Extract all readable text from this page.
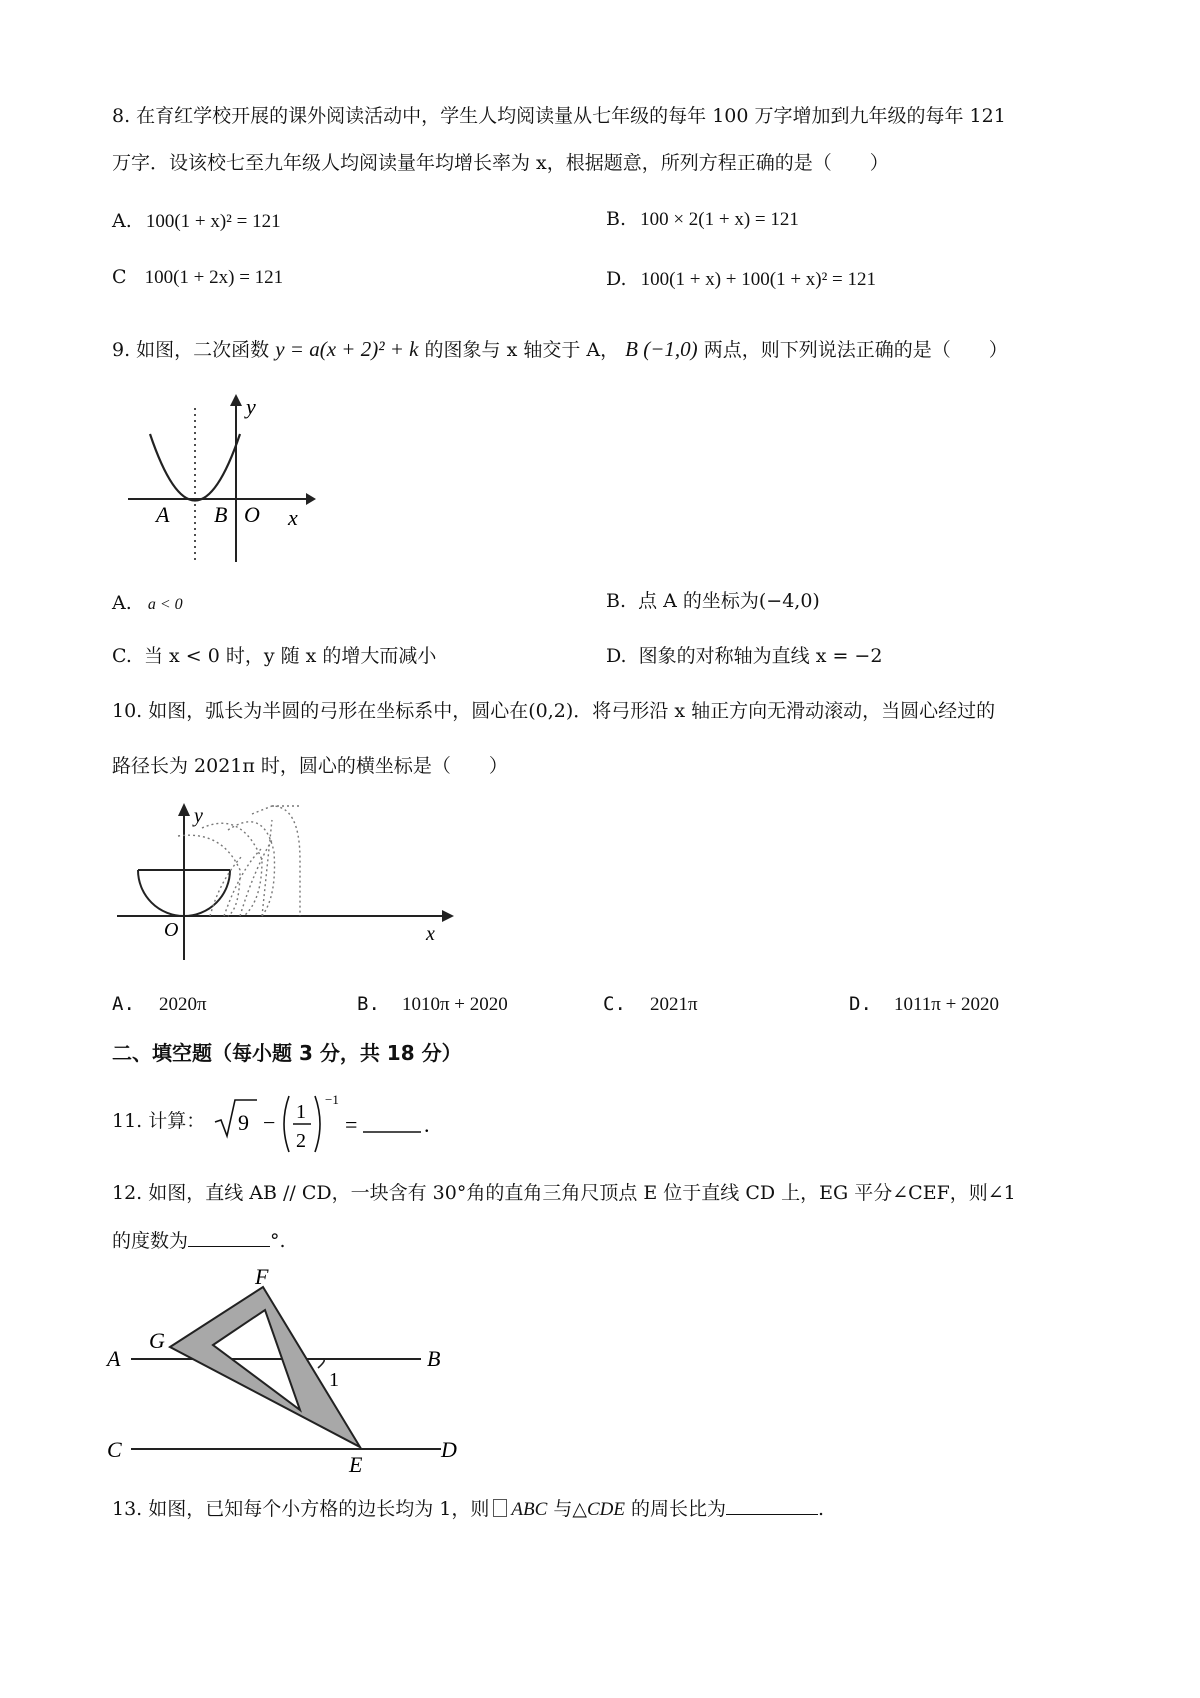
8. 在育红学校开展的课外阅读活动中，学生人均阅读量从七年级的每年 100 万字增加到九年级的每年 121
万字．设该校七至九年级人均阅读量年均增长率为 x，根据题意，所列方程正确的是（　　）
A. 100(1 + x)² = 121	B. 100 × 2(1 + x) = 121
C 100(1 + 2x) = 121	D. 100(1 + x) + 100(1 + x)² = 121
9. 如图，二次函数 y = a(x + 2)² + k 的图象与 x 轴交于 A， B (−1,0) 两点，则下列说法正确的是（　　）
y
x
A B O
A. a < 0	B. 点 A 的坐标为(−4,0)
C. 当 x < 0 时，y 随 x 的增大而减小	D. 图象的对称轴为直线 x = −2
10. 如图，弧长为半圆的弓形在坐标系中，圆心在(0,2)．将弓形沿 x 轴正方向无滑动滚动，当圆心经过的
路径长为 2021π 时，圆心的横坐标是（　　）
y
x
O
A. 2020π	B. 1010π + 2020	C. 2021π	D. 1011π + 2020
二、填空题（每小题 3 分，共 18 分）
11. 计算： 9 − 1
2
−1
=	.
12. 如图，直线 AB // CD，一块含有 30°角的直角三角尺顶点 E 位于直线 CD 上，EG 平分∠CEF，则∠1
的度数为	°.
F
G
A	B
1
C
E
D
13. 如图，已知每个小方格的边长均为 1，则 ABC 与△CDE 的周长比为	.
